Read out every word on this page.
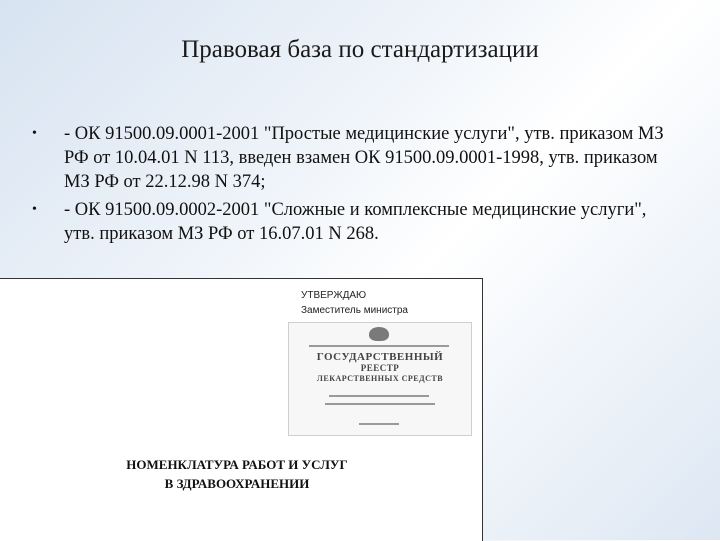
Правовая база по стандартизации
• - ОК 91500.09.0001-2001 "Простые медицинские услуги", утв. приказом МЗ РФ от 10.04.01 N 113, введен взамен ОК 91500.09.0001-1998, утв. приказом МЗ РФ от 22.12.98 N 374;
• - ОК 91500.09.0002-2001 "Сложные и комплексные медицинские услуги", утв. приказом МЗ РФ от 16.07.01 N 268.
УТВЕРЖДАЮ
Заместитель министра
ГОСУДАРСТВЕННЫЙ
РЕЕСТР
ЛЕКАРСТВЕННЫХ СРЕДСТВ
НОМЕНКЛАТУРА РАБОТ И УСЛУГ
В ЗДРАВООХРАНЕНИИ
